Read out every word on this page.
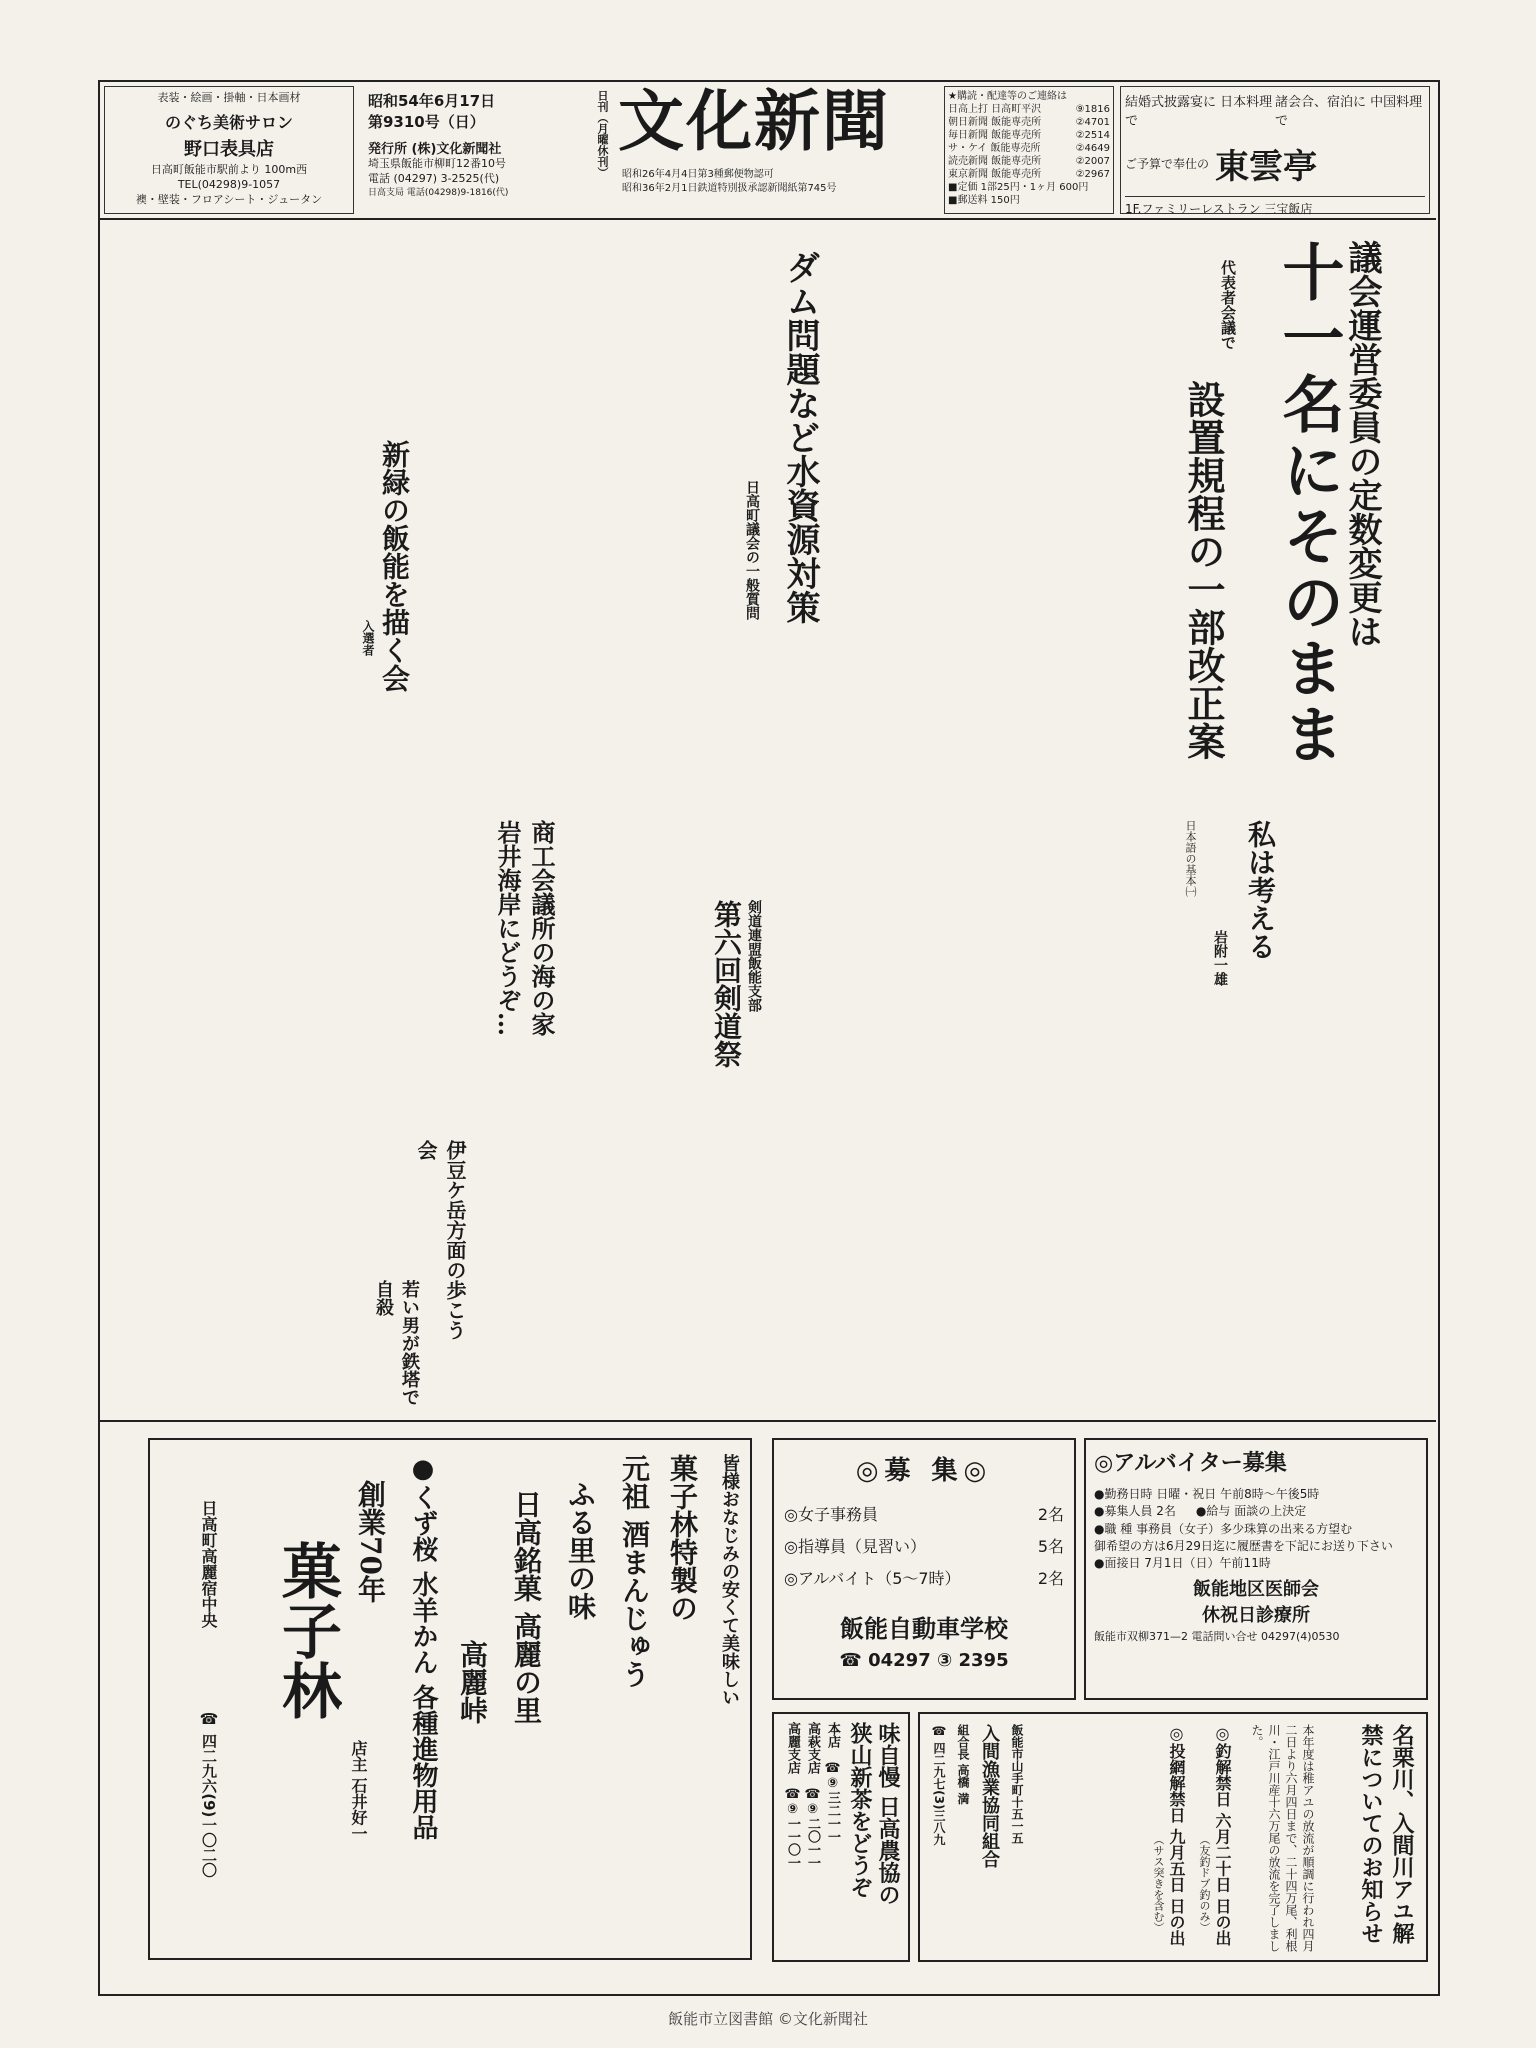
表装・絵画・掛軸・日本画材
のぐち美術サロン
野口表具店
日高町飯能市駅前より 100m西
TEL(04298)9-1057
襖・壁装・フロアシート・ジュータン
昭和54年6月17日
第9310号（日）
発行所 (株)文化新聞社
埼玉県飯能市柳町12番10号
電話 (04297) 3-2525(代)
日高支局 電話(04298)9-1816(代)
日刊（月曜休刊） 文化新聞
昭和26年4月4日第3種郵便物認可
昭和36年2月1日鉄道特別扱承認新聞紙第745号
★購読・配達等のご連絡は
日高上打 日高町平沢	⑨1816
朝日新聞 飯能専売所	②4701
毎日新聞 飯能専売所	②2514
サ・ケイ 飯能専売所	②4649
読売新聞 飯能専売所	②2007
東京新聞 飯能専売所	②2967
■定価 1部25円・1ヶ月 600円
■郵送料 150円
結婚式披露宴に 日本料理で
諸会合、宿泊に 中国料理で
ご予算で奉仕の 東雲亭
1F.ファミリーレストラン 三宝飯店
議会運営委員の定数変更は
十一名にそのまま
代表者会議で
設置規程の一部改正案
私は考える
岩附一雄
日本語の基本㈠
ダム問題など水資源対策
日高町議会の一般質問
新緑の飯能を描く会
入選者
剣道連盟飯能支部
第六回剣道祭
商工会議所の海の家
岩井海岸にどうぞ…
伊豆ケ岳方面の歩こう会
若い男が鉄塔で自殺
皆様おなじみの安くて美味しい
菓子林特製の
元祖 酒まんじゅう
ふる里の味
日高銘菓 高麗の里
高麗峠
●くず桜 水羊かん 各種進物用品
創業70年
菓子林
店主 石井好一
日高町高麗宿中央
☎ 四二九六(9)一〇二〇
◎募 集◎
◎女子事務員	2名
◎指導員（見習い）	5名
◎アルバイト（5〜7時）	2名
飯能自動車学校
☎ 04297 ③ 2395
◎アルバイター募集
●勤務日時 日曜・祝日 午前8時〜午後5時
●募集人員 2名 ●給与 面談の上決定
●職 種 事務員（女子）多少珠算の出来る方望む
御希望の方は6月29日迄に履歴書を下記にお送り下さい
●面接日 7月1日（日）午前11時
飯能地区医師会
休祝日診療所
飯能市双柳371—2 電話問い合せ 04297(4)0530
味自慢 日高農協の
狭山新茶をどうぞ
本店　☎⑨三二一一
高萩支店　☎⑨二〇一一
高麗支店　☎⑨一一〇一	名栗川、入間川アユ解禁についてのお知らせ
本年度は稚アユの放流が順調に行われ四月二日より六月四日まで、二十四万尾、利根川・江戸川産十六万尾の放流を完了しました。
◎釣解禁日 六月二十日 日の出
（友釣ドブ釣のみ）
◎投網解禁日 九月五日 日の出
（サス突きを含む）
飯能市山手町十五一五
入間漁業協同組合
組合長 高橋 満
☎ 四二九七(3)三八九
飯能市立図書館 ©文化新聞社
